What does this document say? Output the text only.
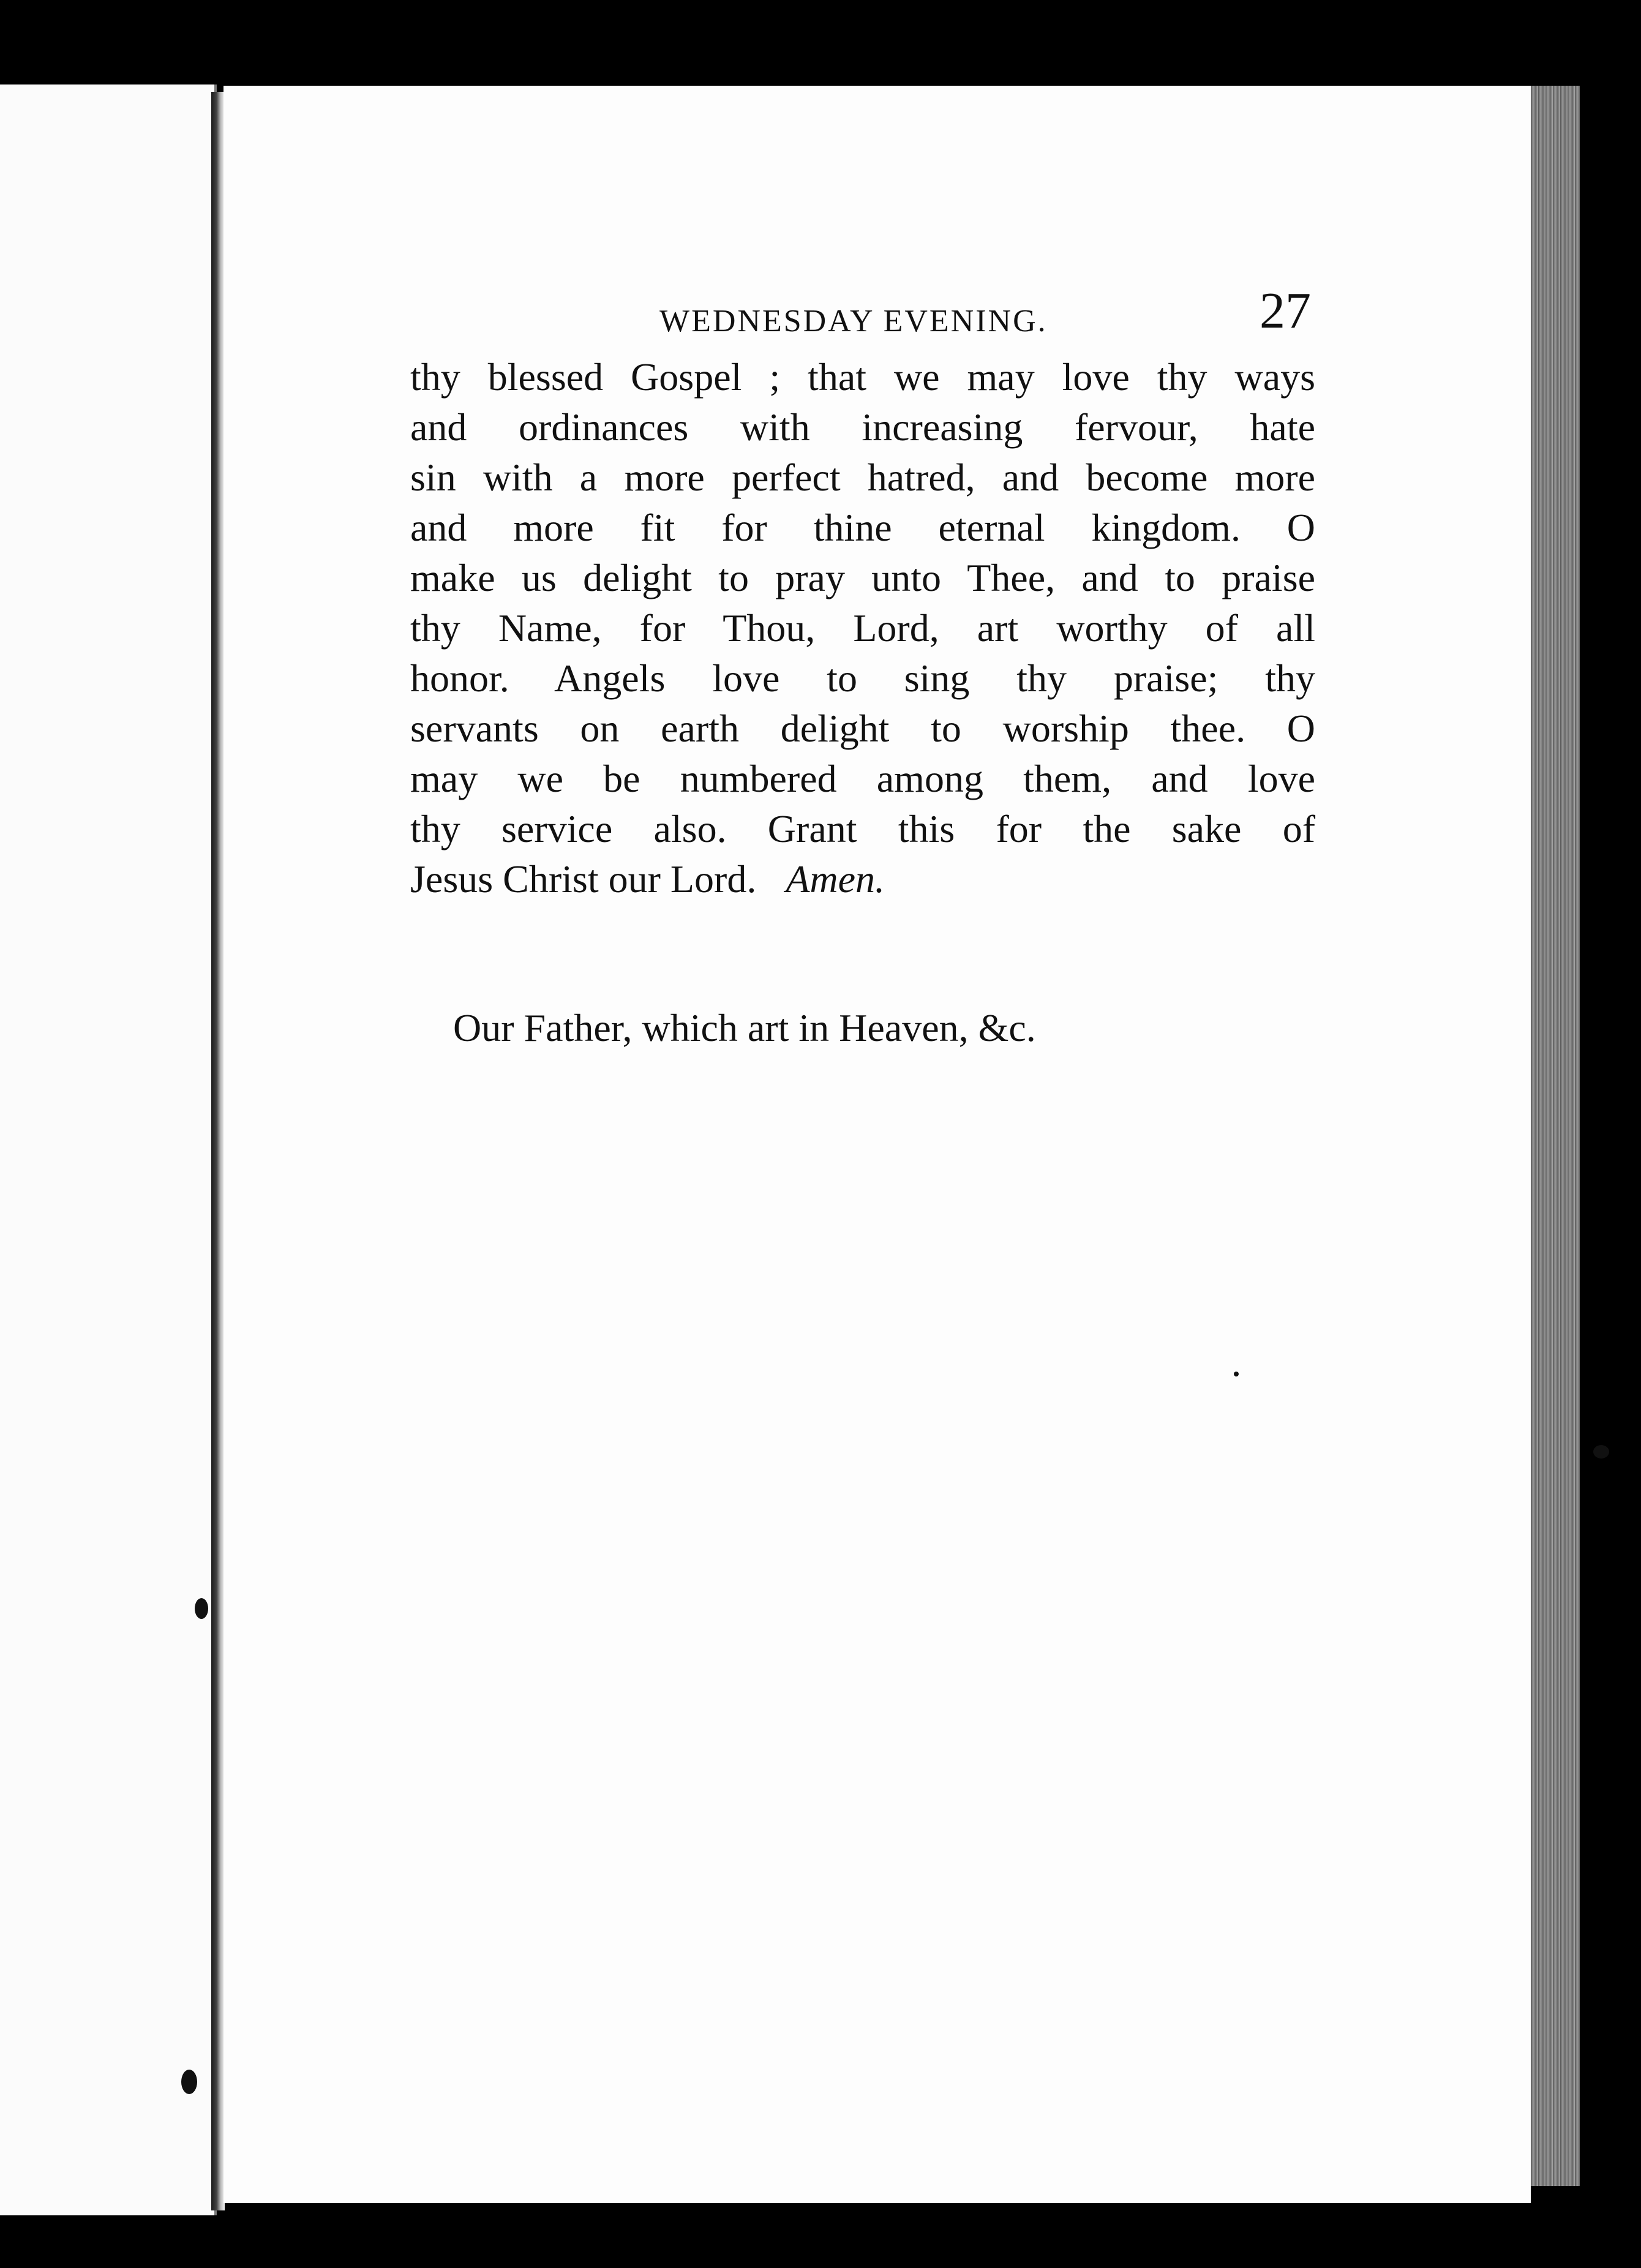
WEDNESDAY EVENING.	27
thy blessed Gospel ; that we may love thy ways
and ordinances with increasing fervour, hate
sin with a more perfect hatred, and become more
and more fit for thine eternal kingdom. O
make us delight to pray unto Thee, and to praise
thy Name, for Thou, Lord, art worthy of all
honor. Angels love to sing thy praise; thy
servants on earth delight to worship thee. O
may we be numbered among them, and love
thy service also. Grant this for the sake of
Jesus Christ our Lord. Amen.
Our Father, which art in Heaven, &c.
